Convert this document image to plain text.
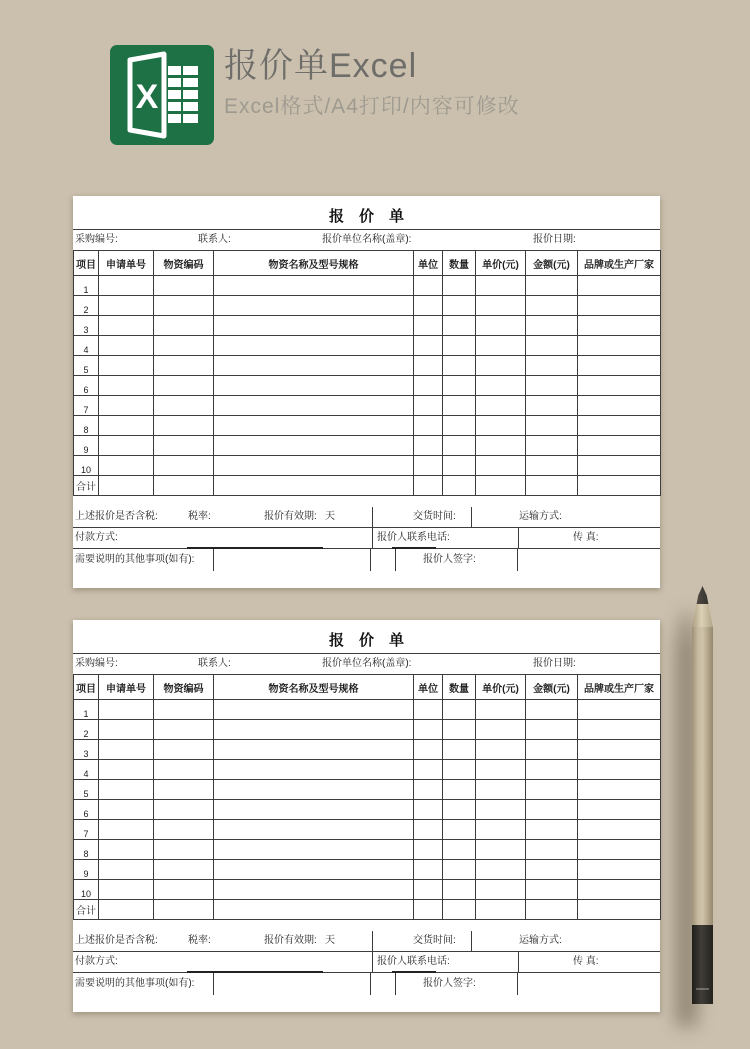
X
报价单Excel
Excel格式/A4打印/内容可修改
报　价　单
采购编号:	联系人:	报价单位名称(盖章):	报价日期:
项目	申请单号	物资编码	物资名称及型号规格	单位	数量	单价(元)	金额(元)	品牌或生产厂家
1								
2								
3								
4								
5								
6								
7								
8								
9								
10								
合计								
上述报价是否含税:	税率:	报价有效期: 天	交货时间:	运输方式:
付款方式:	报价人联系电话:	传 真:
需要说明的其他事项(如有):	报价人签字:
报　价　单
采购编号:	联系人:	报价单位名称(盖章):	报价日期:
项目	申请单号	物资编码	物资名称及型号规格	单位	数量	单价(元)	金额(元)	品牌或生产厂家
1								
2								
3								
4								
5								
6								
7								
8								
9								
10								
合计								
上述报价是否含税:	税率:	报价有效期: 天	交货时间:	运输方式:
付款方式:	报价人联系电话:	传 真:
需要说明的其他事项(如有):	报价人签字:
